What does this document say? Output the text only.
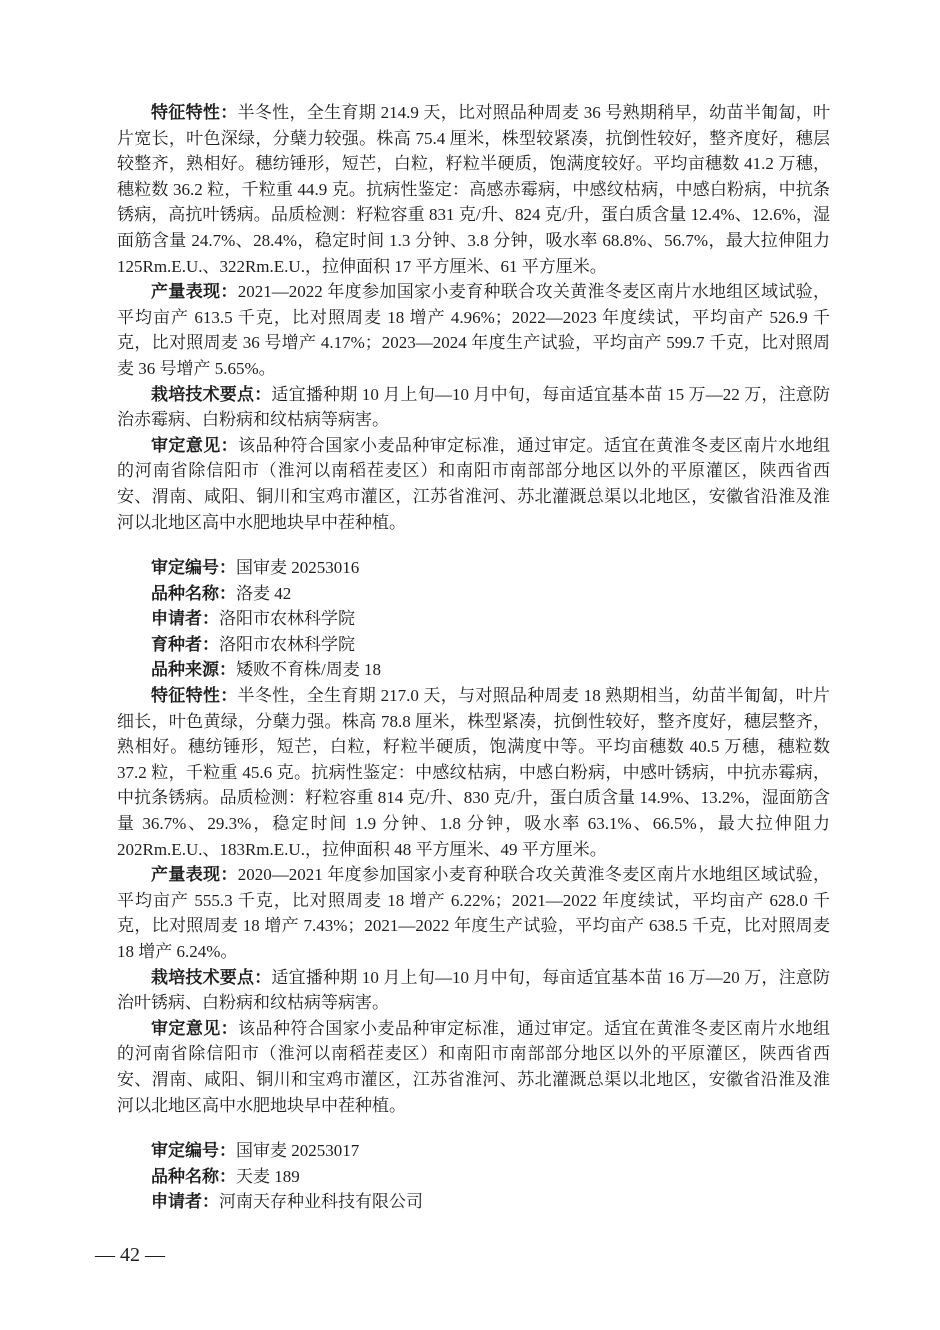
特征特性：半冬性，全生育期 214.9 天，比对照品种周麦 36 号熟期稍早，幼苗半匍匐，叶片宽长，叶色深绿，分蘖力较强。株高 75.4 厘米，株型较紧凑，抗倒性较好，整齐度好，穗层较整齐，熟相好。穗纺锤形，短芒，白粒，籽粒半硬质，饱满度较好。平均亩穗数 41.2 万穗，穗粒数 36.2 粒，千粒重 44.9 克。抗病性鉴定：高感赤霉病，中感纹枯病，中感白粉病，中抗条锈病，高抗叶锈病。品质检测：籽粒容重 831 克/升、824 克/升，蛋白质含量 12.4%、12.6%，湿面筋含量 24.7%、28.4%，稳定时间 1.3 分钟、3.8 分钟，吸水率 68.8%、56.7%，最大拉伸阻力 125Rm.E.U.、322Rm.E.U.，拉伸面积 17 平方厘米、61 平方厘米。

产量表现：2021—2022 年度参加国家小麦育种联合攻关黄淮冬麦区南片水地组区域试验，平均亩产 613.5 千克，比对照周麦 18 增产 4.96%；2022—2023 年度续试，平均亩产 526.9 千克，比对照周麦 36 号增产 4.17%；2023—2024 年度生产试验，平均亩产 599.7 千克，比对照周麦 36 号增产 5.65%。

栽培技术要点：适宜播种期 10 月上旬—10 月中旬，每亩适宜基本苗 15 万—22 万，注意防治赤霉病、白粉病和纹枯病等病害。

审定意见：该品种符合国家小麦品种审定标准，通过审定。适宜在黄淮冬麦区南片水地组的河南省除信阳市（淮河以南稻茬麦区）和南阳市南部部分地区以外的平原灌区，陕西省西安、渭南、咸阳、铜川和宝鸡市灌区，江苏省淮河、苏北灌溉总渠以北地区，安徽省沿淮及淮河以北地区高中水肥地块早中茬种植。

审定编号：国审麦 20253016

品种名称：洛麦 42

申请者：洛阳市农林科学院

育种者：洛阳市农林科学院

品种来源：矮败不育株/周麦 18

特征特性：半冬性，全生育期 217.0 天，与对照品种周麦 18 熟期相当，幼苗半匍匐，叶片细长，叶色黄绿，分蘖力强。株高 78.8 厘米，株型紧凑，抗倒性较好，整齐度好，穗层整齐，熟相好。穗纺锤形，短芒，白粒，籽粒半硬质，饱满度中等。平均亩穗数 40.5 万穗，穗粒数 37.2 粒，千粒重 45.6 克。抗病性鉴定：中感纹枯病，中感白粉病，中感叶锈病，中抗赤霉病，中抗条锈病。品质检测：籽粒容重 814 克/升、830 克/升，蛋白质含量 14.9%、13.2%，湿面筋含量 36.7%、29.3%，稳定时间 1.9 分钟、1.8 分钟，吸水率 63.1%、66.5%，最大拉伸阻力 202Rm.E.U.、183Rm.E.U.，拉伸面积 48 平方厘米、49 平方厘米。

产量表现：2020—2021 年度参加国家小麦育种联合攻关黄淮冬麦区南片水地组区域试验，平均亩产 555.3 千克，比对照周麦 18 增产 6.22%；2021—2022 年度续试，平均亩产 628.0 千克，比对照周麦 18 增产 7.43%；2021—2022 年度生产试验，平均亩产 638.5 千克，比对照周麦 18 增产 6.24%。

栽培技术要点：适宜播种期 10 月上旬—10 月中旬，每亩适宜基本苗 16 万—20 万，注意防治叶锈病、白粉病和纹枯病等病害。

审定意见：该品种符合国家小麦品种审定标准，通过审定。适宜在黄淮冬麦区南片水地组的河南省除信阳市（淮河以南稻茬麦区）和南阳市南部部分地区以外的平原灌区，陕西省西安、渭南、咸阳、铜川和宝鸡市灌区，江苏省淮河、苏北灌溉总渠以北地区，安徽省沿淮及淮河以北地区高中水肥地块早中茬种植。

审定编号：国审麦 20253017

品种名称：天麦 189

申请者：河南天存种业科技有限公司

— 42 —
